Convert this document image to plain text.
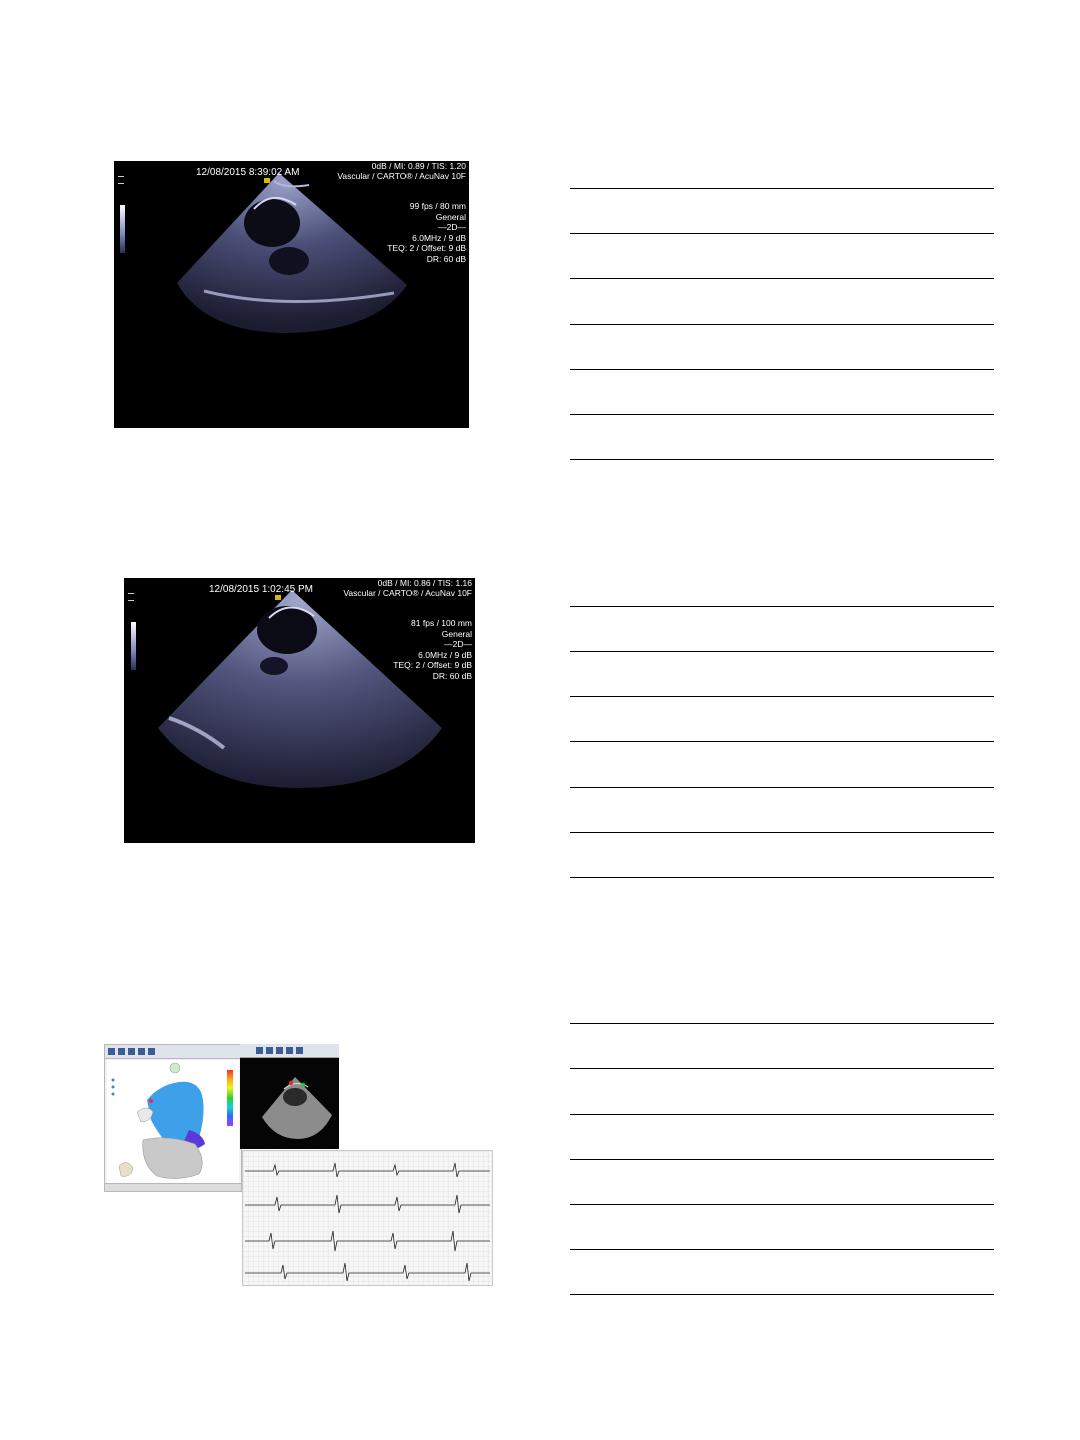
12/08/2015 8:39:02 AM
0dB / MI: 0.89 / TIS: 1.20
Vascular / CARTO® / AcuNav 10F
99 fps / 80 mm
General
—2D—
6.0MHz / 9 dB
TEQ: 2 / Offset: 9 dB
DR: 60 dB
12/08/2015 1:02:45 PM
0dB / MI: 0.86 / TIS: 1.16
Vascular / CARTO® / AcuNav 10F
81 fps / 100 mm
General
—2D—
6.0MHz / 9 dB
TEQ: 2 / Offset: 9 dB
DR: 60 dB
